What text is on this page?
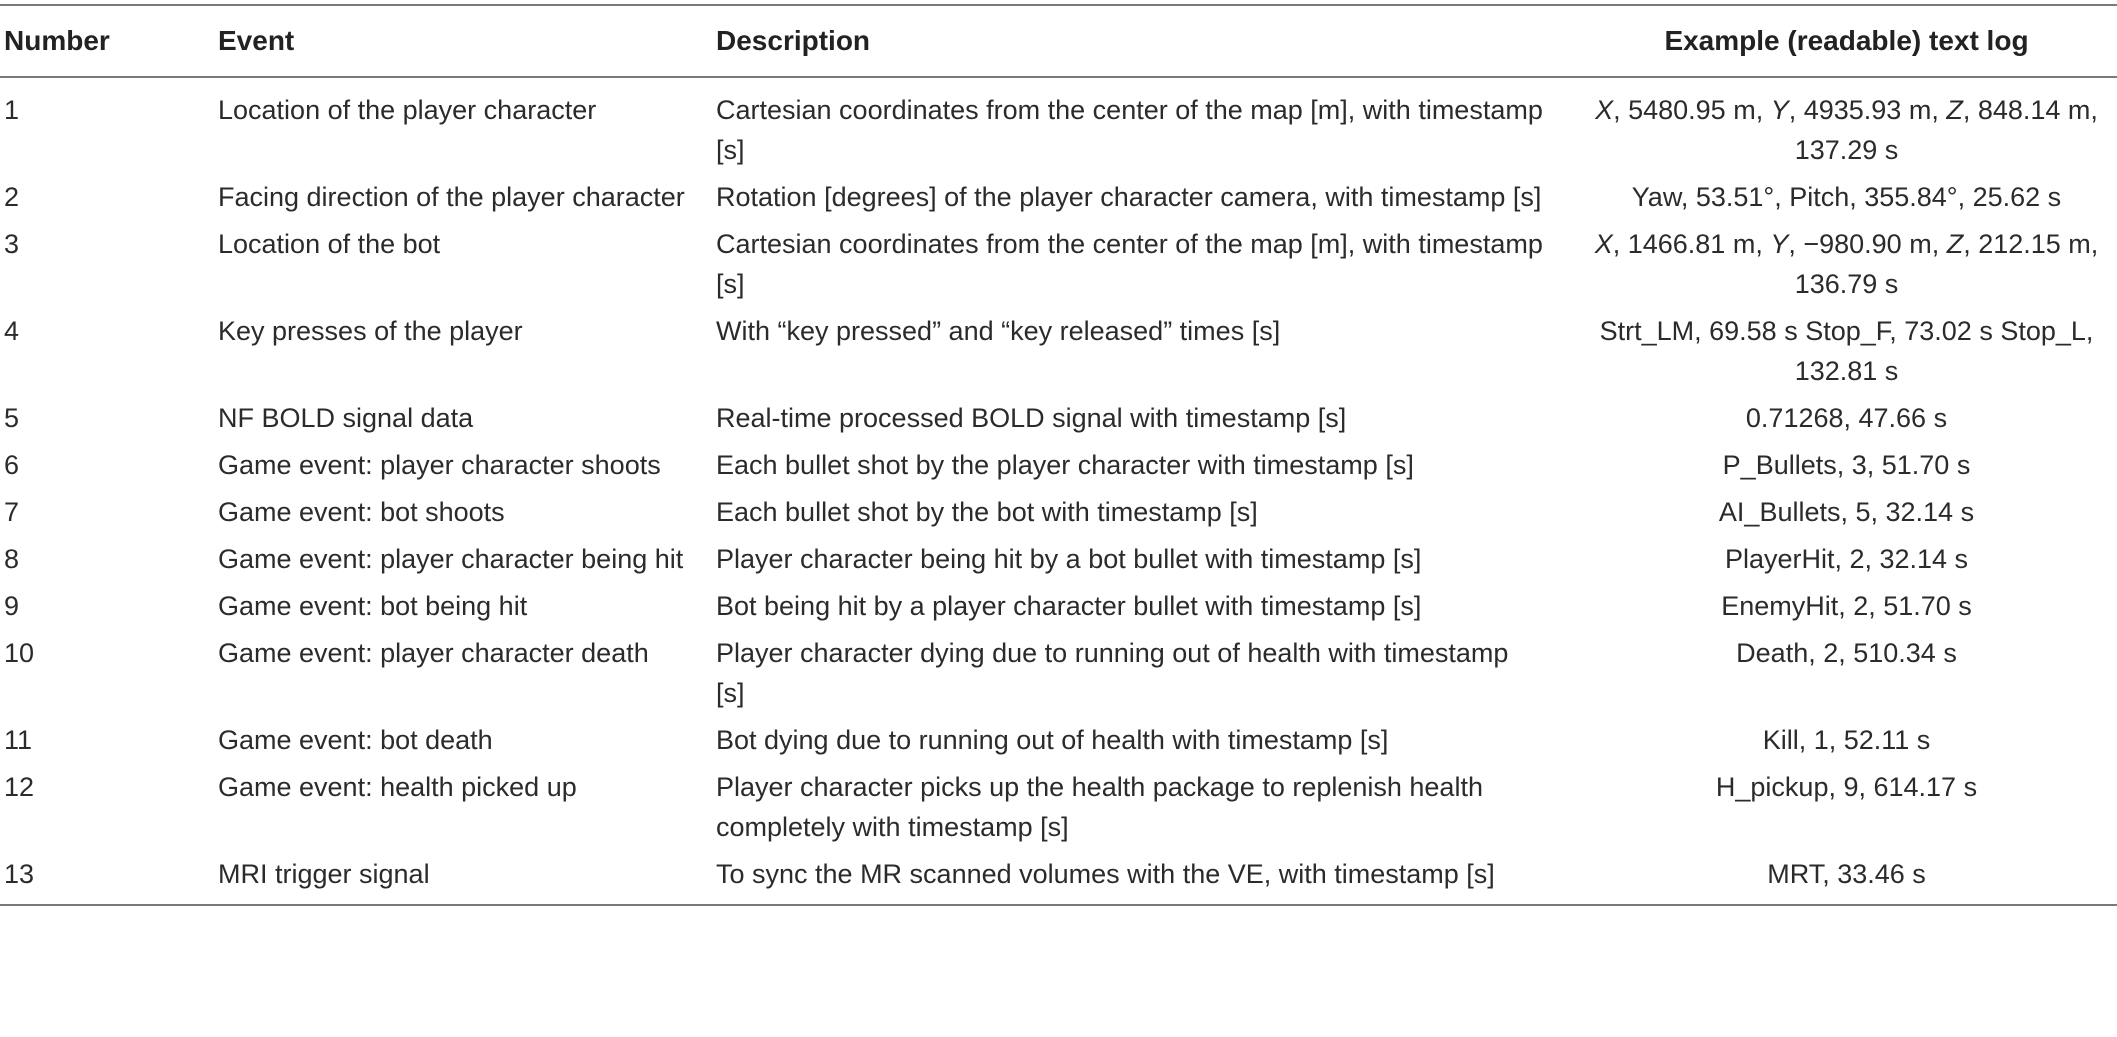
Number	Event	Description	Example (readable) text log
1	Location of the player character	Cartesian coordinates from the center of the map [m], with timestamp [s]	X, 5480.95 m, Y, 4935.93 m, Z, 848.14 m, 137.29 s
2	Facing direction of the player character	Rotation [degrees] of the player character camera, with timestamp [s]	Yaw, 53.51°, Pitch, 355.84°, 25.62 s
3	Location of the bot	Cartesian coordinates from the center of the map [m], with timestamp [s]	X, 1466.81 m, Y, −980.90 m, Z, 212.15 m, 136.79 s
4	Key presses of the player	With “key pressed” and “key released” times [s]	Strt_LM, 69.58 s Stop_F, 73.02 s Stop_L, 132.81 s
5	NF BOLD signal data	Real-time processed BOLD signal with timestamp [s]	0.71268, 47.66 s
6	Game event: player character shoots	Each bullet shot by the player character with timestamp [s]	P_Bullets, 3, 51.70 s
7	Game event: bot shoots	Each bullet shot by the bot with timestamp [s]	AI_Bullets, 5, 32.14 s
8	Game event: player character being hit	Player character being hit by a bot bullet with timestamp [s]	PlayerHit, 2, 32.14 s
9	Game event: bot being hit	Bot being hit by a player character bullet with timestamp [s]	EnemyHit, 2, 51.70 s
10	Game event: player character death	Player character dying due to running out of health with timestamp [s]	Death, 2, 510.34 s
11	Game event: bot death	Bot dying due to running out of health with timestamp [s]	Kill, 1, 52.11 s
12	Game event: health picked up	Player character picks up the health package to replenish health completely with timestamp [s]	H_pickup, 9, 614.17 s
13	MRI trigger signal	To sync the MR scanned volumes with the VE, with timestamp [s]	MRT, 33.46 s
